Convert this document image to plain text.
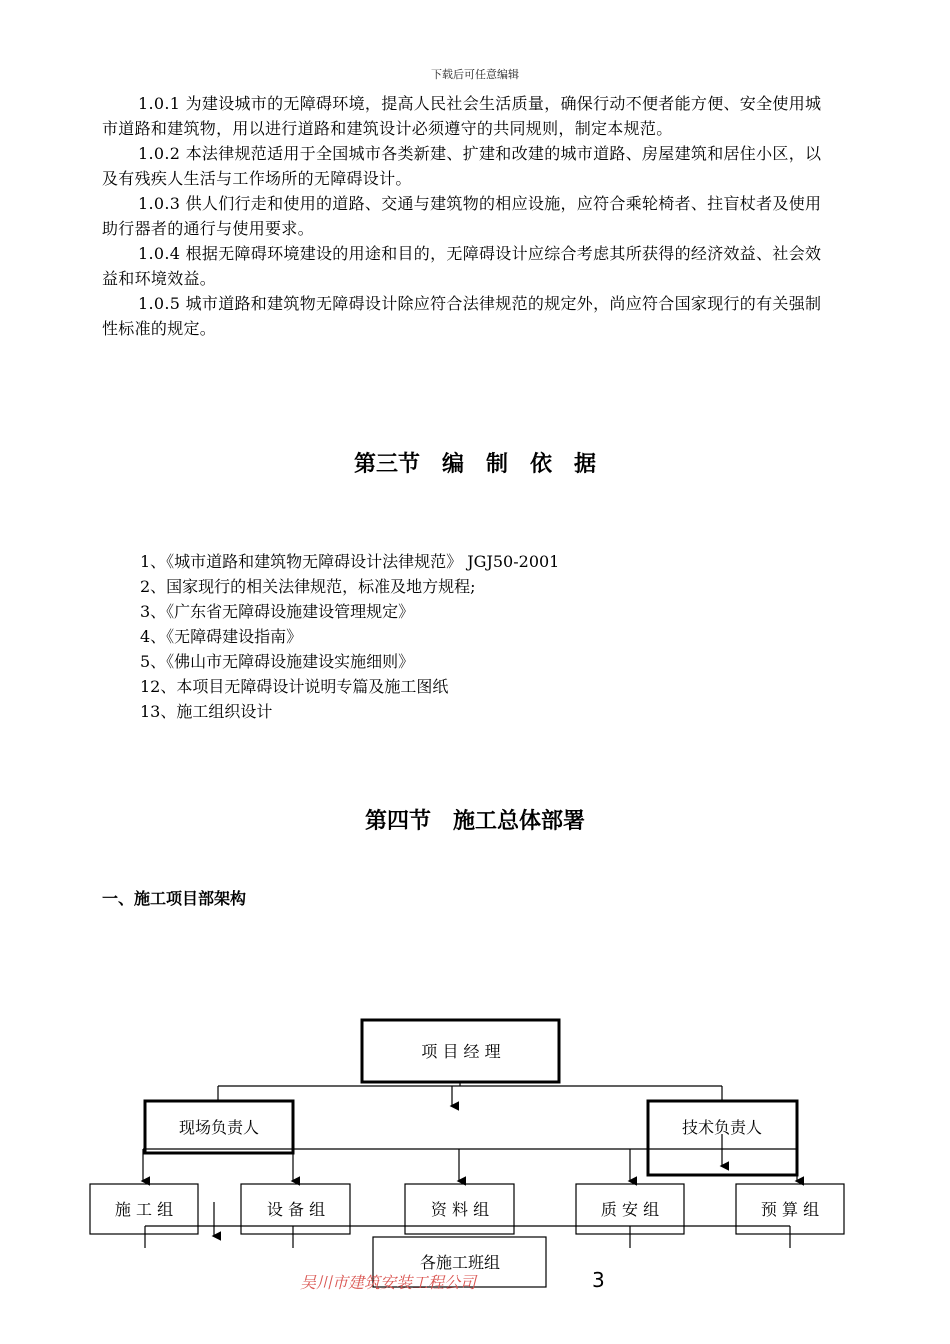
下载后可任意编辑

1.0.1 为建设城市的无障碍环境，提高人民社会生活质量，确保行动不便者能方便、安全使用城市道路和建筑物，用以进行道路和建筑设计必须遵守的共同规则，制定本规范。

1.0.2 本法律规范适用于全国城市各类新建、扩建和改建的城市道路、房屋建筑和居住小区，以及有残疾人生活与工作场所的无障碍设计。

1.0.3 供人们行走和使用的道路、交通与建筑物的相应设施，应符合乘轮椅者、拄盲杖者及使用助行器者的通行与使用要求。

1.0.4 根据无障碍环境建设的用途和目的，无障碍设计应综合考虑其所获得的经济效益、社会效益和环境效益。

1.0.5 城市道路和建筑物无障碍设计除应符合法律规范的规定外，尚应符合国家现行的有关强制性标准的规定。

第三节　编　制　依　据
1、《城市道路和建筑物无障碍设计法律规范》 JGJ50-2001
2、国家现行的相关法律规范，标准及地方规程;
3、《广东省无障碍设施建设管理规定》
4、《无障碍建设指南》
5、《佛山市无障碍设施建设实施细则》
12、本项目无障碍设计说明专篇及施工图纸
13、施工组织设计
第四节　施工总体部署
一、施工项目部架构
项 目 经 理
现场负责人	技术负责人
施 工 组	设 备 组	资 料 组	质 安 组	预 算 组
各施工班组
吴川市建筑安装工程公司	3
